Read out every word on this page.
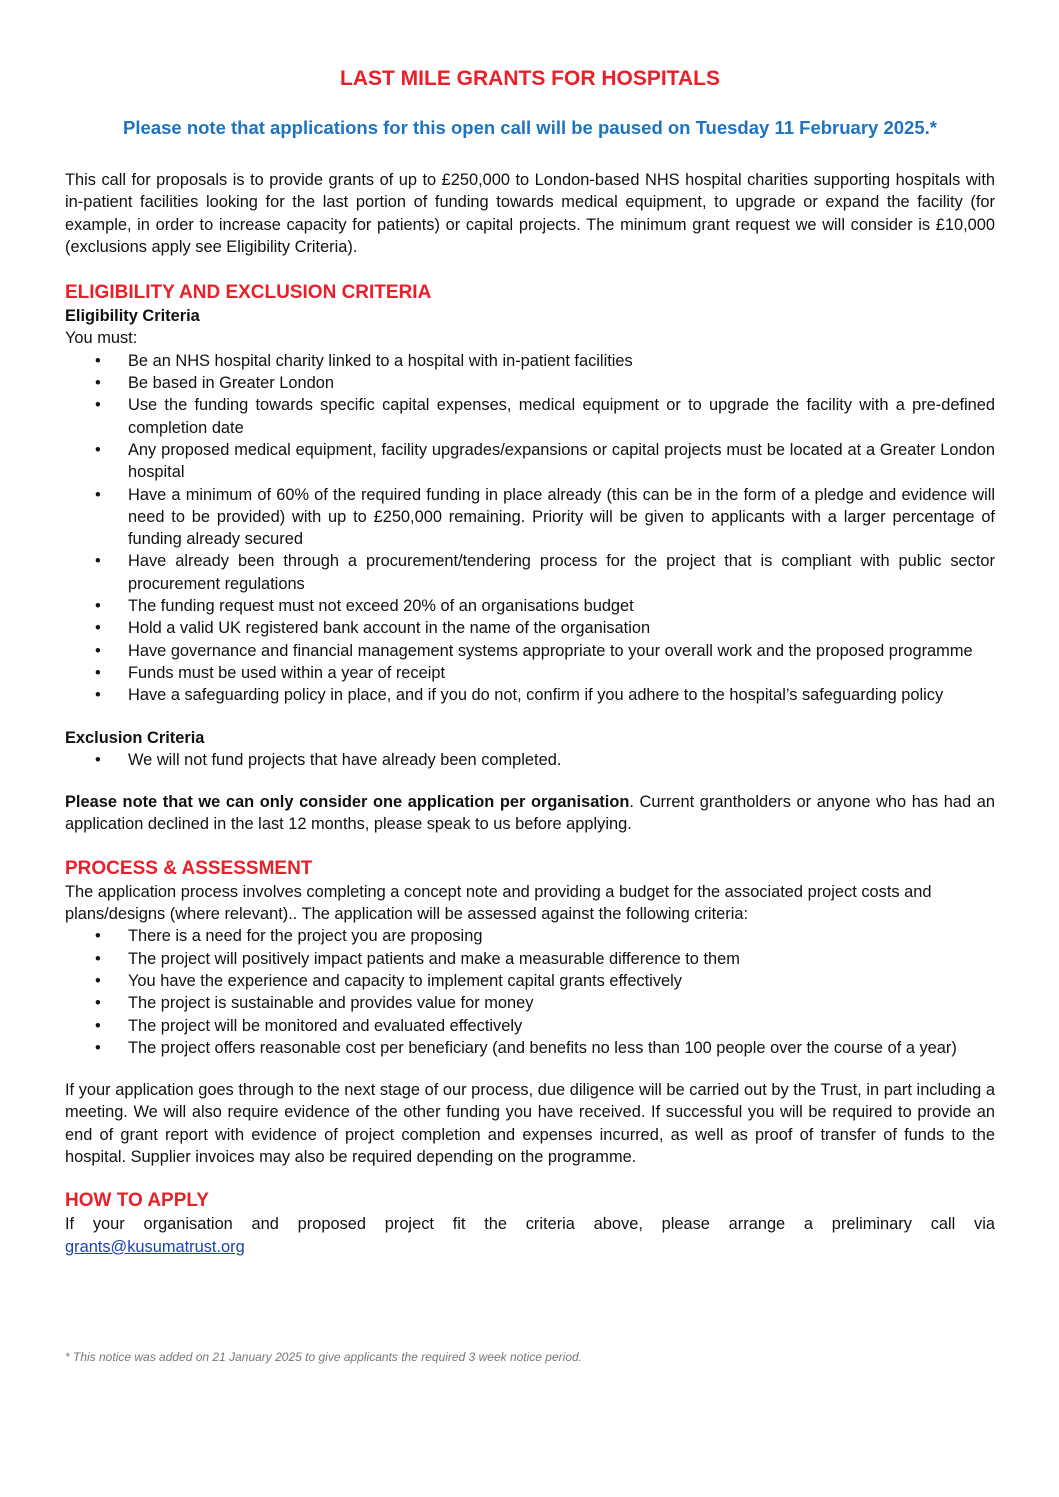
LAST MILE GRANTS FOR HOSPITALS
Please note that applications for this open call will be paused on Tuesday 11 February 2025.*

This call for proposals is to provide grants of up to £250,000 to London-based NHS hospital charities supporting hospitals with in-patient facilities looking for the last portion of funding towards medical equipment, to upgrade or expand the facility (for example, in order to increase capacity for patients) or capital projects. The minimum grant request we will consider is £10,000 (exclusions apply see Eligibility Criteria).

ELIGIBILITY AND EXCLUSION CRITERIA
Eligibility Criteria

You must:

• Be an NHS hospital charity linked to a hospital with in-patient facilities
• Be based in Greater London
• Use the funding towards specific capital expenses, medical equipment or to upgrade the facility with a pre-defined completion date
• Any proposed medical equipment, facility upgrades/expansions or capital projects must be located at a Greater London hospital
• Have a minimum of 60% of the required funding in place already (this can be in the form of a pledge and evidence will need to be provided) with up to £250,000 remaining. Priority will be given to applicants with a larger percentage of funding already secured
• Have already been through a procurement/tendering process for the project that is compliant with public sector procurement regulations
• The funding request must not exceed 20% of an organisations budget
• Hold a valid UK registered bank account in the name of the organisation
• Have governance and financial management systems appropriate to your overall work and the proposed programme
• Funds must be used within a year of receipt
• Have a safeguarding policy in place, and if you do not, confirm if you adhere to the hospital’s safeguarding policy
Exclusion Criteria
• We will not fund projects that have already been completed.

Please note that we can only consider one application per organisation. Current grantholders or anyone who has had an application declined in the last 12 months, please speak to us before applying.

PROCESS & ASSESSMENT

The application process involves completing a concept note and providing a budget for the associated project costs and plans/designs (where relevant).. The application will be assessed against the following criteria:

• There is a need for the project you are proposing
• The project will positively impact patients and make a measurable difference to them
• You have the experience and capacity to implement capital grants effectively
• The project is sustainable and provides value for money
• The project will be monitored and evaluated effectively
• The project offers reasonable cost per beneficiary (and benefits no less than 100 people over the course of a year)

If your application goes through to the next stage of our process, due diligence will be carried out by the Trust, in part including a meeting. We will also require evidence of the other funding you have received. If successful you will be required to provide an end of grant report with evidence of project completion and expenses incurred, as well as proof of transfer of funds to the hospital. Supplier invoices may also be required depending on the programme.

HOW TO APPLY

If your organisation and proposed project fit the criteria above, please arrange a preliminary call via

grants@kusumatrust.org

* This notice was added on 21 January 2025 to give applicants the required 3 week notice period.
